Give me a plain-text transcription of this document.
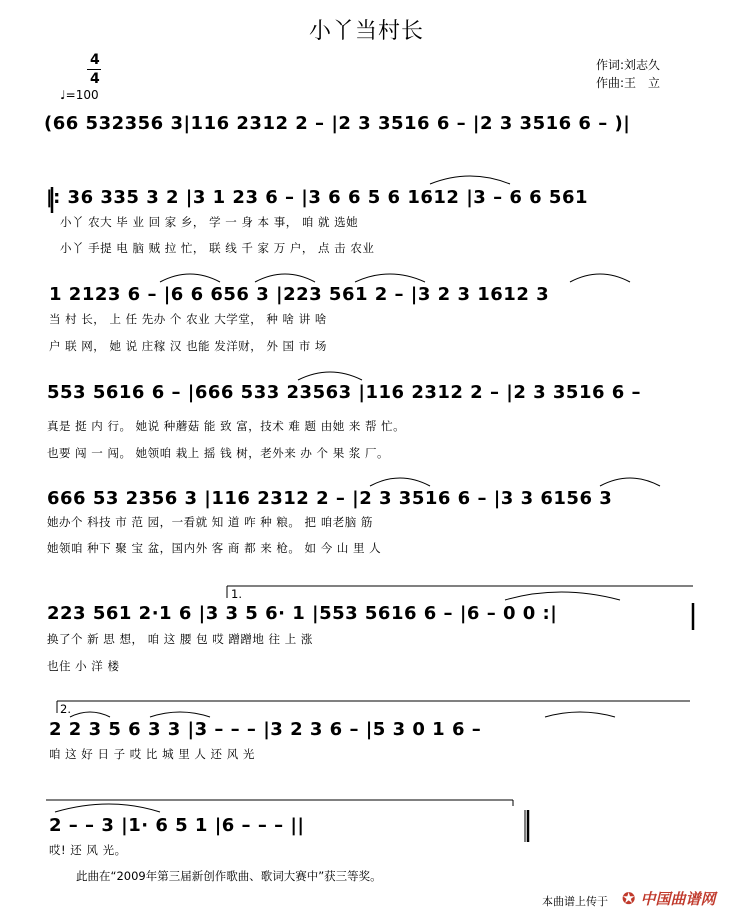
小丫当村长
4
4
♩=100
作词:刘志久
作曲:王　立
(66 532356 3|116 2312 2 – |2 3 3516 6 – |2 3 3516 6 – )|
|: 36 335 3 2 |3 1 23 6 – |3 6 6 5 6 1612 |3 – 6 6 561
小丫 农大 毕 业 回 家 乡， 学 一 身 本 事， 咱 就 选她
小丫 手提 电 脑 贼 拉 忙， 联 线 千 家 万 户， 点 击 农业
1 2123 6 – |6 6 656 3 |223 561 2 – |3 2 3 1612 3
当 村 长， 上 任 先办 个 农业 大学堂， 种 啥 讲 啥
户 联 网， 她 说 庄稼 汉 也能 发洋财， 外 国 市 场
553 5616 6 – |666 533 23563 |116 2312 2 – |2 3 3516 6 –
真是 挺 内 行。 她说 种蘑菇 能 致 富，技术 难 题 由她 来 帮 忙。
也要 闯 一 闯。 她领咱 栽上 摇 钱 树，老外来 办 个 果 浆 厂。
666 53 2356 3 |116 2312 2 – |2 3 3516 6 – |3 3 6156 3
她办个 科技 市 范 园，一看就 知 道 咋 种 粮。 把 咱老脑 筋
她领咱 种下 聚 宝 盆，国内外 客 商 都 来 枪。 如 今 山 里 人
1.
223 561 2·1 6 |3 3 5 6· 1 |553 5616 6 – |6 – 0 0 :|
换了个 新 思 想， 咱 这 腰 包 哎 蹭蹭地 往 上 涨
也住 小 洋 楼
2.
2 2 3 5 6 3 3 |3 – – – |3 2 3 6 – |5 3 0 1 6 –
咱 这 好 日 子 哎 比 城 里 人 还 风 光
2 – – 3 |1· 6 5 1 |6 – – – ||
哎! 还 风 光。
此曲在“2009年第三届新创作歌曲、歌词大赛中”获三等奖。
本曲谱上传于 ✪ 中国曲谱网
